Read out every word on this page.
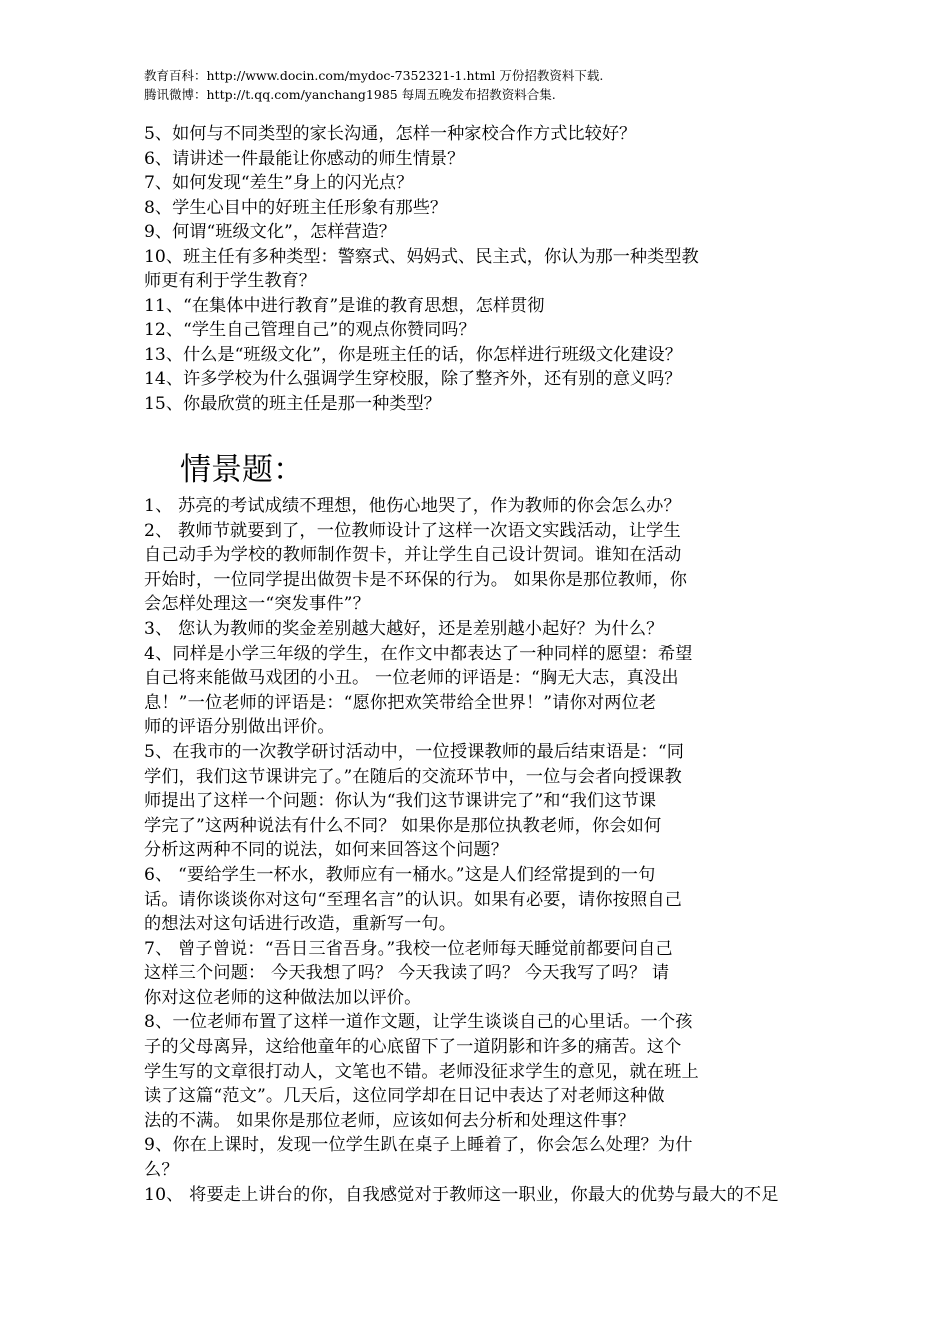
教育百科：http://www.docin.com/mydoc-7352321-1.html 万份招教资料下载.
腾讯微博：http://t.qq.com/yanchang1985 每周五晚发布招教资料合集.
5、如何与不同类型的家长沟通，怎样一种家校合作方式比较好？
6、请讲述一件最能让你感动的师生情景？
7、如何发现“差生”身上的闪光点？
8、学生心目中的好班主任形象有那些？
9、何谓“班级文化”，怎样营造？
10、班主任有多种类型：警察式、妈妈式、民主式，你认为那一种类型教
师更有利于学生教育？
11、“在集体中进行教育”是谁的教育思想，怎样贯彻
12、“学生自己管理自己”的观点你赞同吗？
13、什么是“班级文化”，你是班主任的话，你怎样进行班级文化建设？
14、许多学校为什么强调学生穿校服，除了整齐外，还有别的意义吗？
15、你最欣赏的班主任是那一种类型？
情景题：
1、 苏亮的考试成绩不理想，他伤心地哭了，作为教师的你会怎么办？
2、 教师节就要到了，一位教师设计了这样一次语文实践活动，让学生
自己动手为学校的教师制作贺卡，并让学生自己设计贺词。谁知在活动
开始时，一位同学提出做贺卡是不环保的行为。 如果你是那位教师，你
会怎样处理这一“突发事件”？
3、 您认为教师的奖金差别越大越好，还是差别越小起好？为什么？
4、同样是小学三年级的学生，在作文中都表达了一种同样的愿望：希望
自己将来能做马戏团的小丑。 一位老师的评语是：“胸无大志，真没出
息！”一位老师的评语是：“愿你把欢笑带给全世界！”请你对两位老
师的评语分别做出评价。
5、在我市的一次教学研讨活动中，一位授课教师的最后结束语是：“同
学们，我们这节课讲完了。”在随后的交流环节中，一位与会者向授课教
师提出了这样一个问题：你认为“我们这节课讲完了”和“我们这节课
学完了”这两种说法有什么不同？ 如果你是那位执教老师，你会如何
分析这两种不同的说法，如何来回答这个问题？
6、 “要给学生一杯水，教师应有一桶水。”这是人们经常提到的一句
话。请你谈谈你对这句“至理名言”的认识。如果有必要，请你按照自己
的想法对这句话进行改造，重新写一句。
7、 曾子曾说：“吾日三省吾身。”我校一位老师每天睡觉前都要问自己
这样三个问题： 今天我想了吗？ 今天我读了吗？ 今天我写了吗？ 请
你对这位老师的这种做法加以评价。
8、一位老师布置了这样一道作文题，让学生谈谈自己的心里话。一个孩
子的父母离异，这给他童年的心底留下了一道阴影和许多的痛苦。这个
学生写的文章很打动人，文笔也不错。老师没征求学生的意见，就在班上
读了这篇“范文”。几天后，这位同学却在日记中表达了对老师这种做
法的不满。 如果你是那位老师，应该如何去分析和处理这件事？
9、你在上课时，发现一位学生趴在桌子上睡着了，你会怎么处理？为什
么？
10、 将要走上讲台的你，自我感觉对于教师这一职业，你最大的优势与最大的不足
